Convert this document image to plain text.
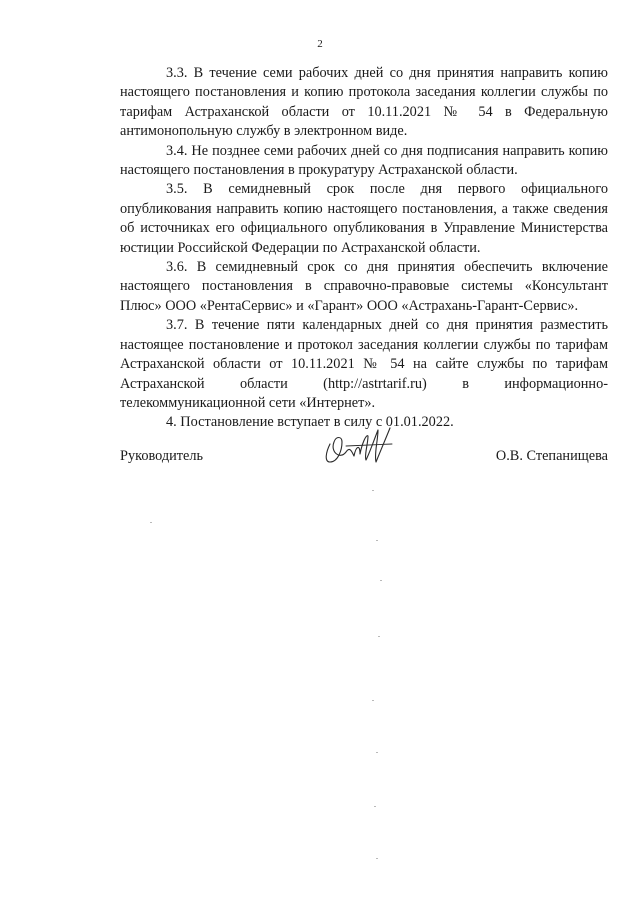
2

3.3. В течение семи рабочих дней со дня принятия направить копию настоящего постановления и копию протокола заседания коллегии службы по тарифам Астраханской области от 10.11.2021 № 54 в Федеральную антимонопольную службу в электронном виде.

3.4. Не позднее семи рабочих дней со дня подписания направить копию настоящего постановления в прокуратуру Астраханской области.

3.5. В семидневный срок после дня первого официального опубликования направить копию настоящего постановления, а также сведения об источниках его официального опубликования в Управление Министерства юстиции Российской Федерации по Астраханской области.

3.6. В семидневный срок со дня принятия обеспечить включение настоящего постановления в справочно-правовые системы «Консультант Плюс» ООО «РентаСервис» и «Гарант» ООО «Астрахань-Гарант-Сервис».

3.7. В течение пяти календарных дней со дня принятия разместить настоящее постановление и протокол заседания коллегии службы по тарифам Астраханской области от 10.11.2021 № 54 на сайте службы по тарифам Астраханской области (http://astrtarif.ru) в информационно-телекоммуникационной сети «Интернет».

4. Постановление вступает в силу с 01.01.2022.

Руководитель	О.В. Степанищева
